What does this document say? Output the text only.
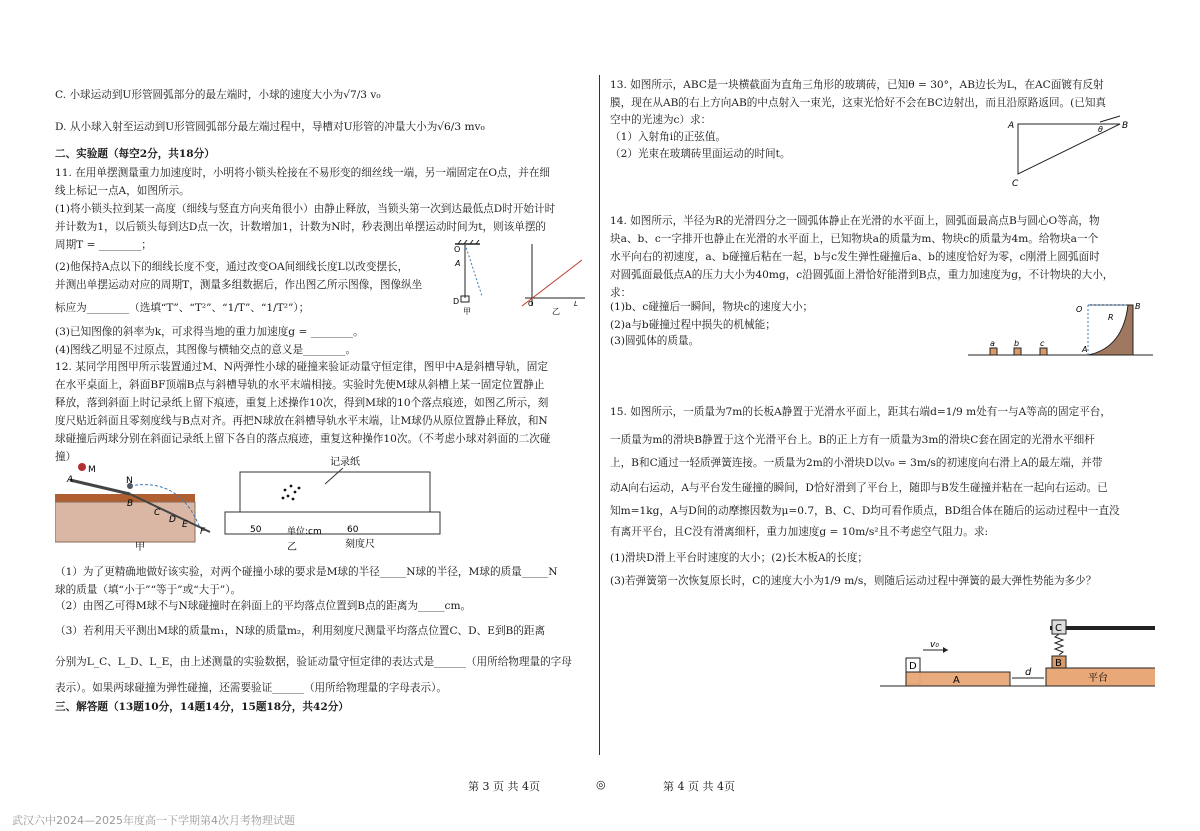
C. 小球运动到U形管圆弧部分的最左端时，小球的速度大小为√7/3 v₀

D. 从小球入射至运动到U形管圆弧部分最左端过程中，导槽对U形管的冲量大小为√6/3 mv₀

二、实验题（每空2分，共18分）

11. 在用单摆测量重力加速度时，小明将小锁头栓接在不易形变的细丝线一端，另一端固定在O点，并在细

线上标记一点A，如图所示。

(1)将小锁头拉到某一高度（细线与竖直方向夹角很小）由静止释放，当锁头第一次到达最低点D时开始计时

并计数为1，以后锁头每到达D点一次，计数增加1，计数为N时，秒表测出单摆运动时间为t，则该单摆的

周期T = ________；

(2)他保持A点以下的细线长度不变，通过改变OA间细线长度L以改变摆长，

并测出单摆运动对应的周期T，测量多组数据后，作出图乙所示图像，图像纵坐

标应为________（选填“T”、“T²”、“1/T”、“1/T²”）；

(3)已知图像的斜率为k，可求得当地的重力加速度g = ________。

(4)图线乙明显不过原点，其图像与横轴交点的意义是________。

12. 某同学用图甲所示装置通过M、N两弹性小球的碰撞来验证动量守恒定律，图甲中A是斜槽导轨，固定

在水平桌面上，斜面BF顶端B点与斜槽导轨的水平末端相接。实验时先使M球从斜槽上某一固定位置静止

释放，落到斜面上时记录纸上留下痕迹，重复上述操作10次，得到M球的10个落点痕迹，如图乙所示，刻

度尺贴近斜面且零刻度线与B点对齐。再把N球放在斜槽导轨水平末端，让M球仍从原位置静止释放，和N

球碰撞后两球分别在斜面记录纸上留下各自的落点痕迹，重复这种操作10次。（不考虑小球对斜面的二次碰

撞）

O
A
D
甲
O	L
乙
M
A	N
B
C
D E
F
甲
记录纸
50	单位:cm	60
乙	刻度尺

（1）为了更精确地做好该实验，对两个碰撞小球的要求是M球的半径_____N球的半径，M球的质量_____N

球的质量（填“小于”“等于”或“大于”）。

（2）由图乙可得M球不与N球碰撞时在斜面上的平均落点位置到B点的距离为_____cm。

（3）若利用天平测出M球的质量m₁，N球的质量m₂，利用刻度尺测量平均落点位置C、D、E到B的距离

分别为L_C、L_D、L_E，由上述测量的实验数据，验证动量守恒定律的表达式是______（用所给物理量的字母

表示）。如果两球碰撞为弹性碰撞，还需要验证______（用所给物理量的字母表示）。

三、解答题（13题10分，14题14分，15题18分，共42分）

13. 如图所示，ABC是一块横截面为直角三角形的玻璃砖，已知θ = 30°，AB边长为L，在AC面镀有反射

膜，现在从AB的右上方向AB的中点射入一束光，这束光恰好不会在BC边射出，而且沿原路返回。(已知真

空中的光速为c）求：

（1）入射角i的正弦值。

（2）光束在玻璃砖里面运动的时间t。

A	B
C
θ

14. 如图所示，半径为R的光滑四分之一圆弧体静止在光滑的水平面上，圆弧面最高点B与圆心O等高，物

块a、b、c一字排开也静止在光滑的水平面上，已知物块a的质量为m、物块c的质量为4m。给物块a一个

水平向右的初速度，a、b碰撞后粘在一起，b与c发生弹性碰撞后a、b的速度恰好为零，c刚滑上圆弧面时

对圆弧面最低点A的压力大小为40mg，c沿圆弧面上滑恰好能滑到B点，重力加速度为g，不计物块的大小，

求：

(1)b、c碰撞后一瞬间，物块c的速度大小；

(2)a与b碰撞过程中损失的机械能；

(3)圆弧体的质量。

O
R
B
A
a b	c

15. 如图所示，一质量为7m的长板A静置于光滑水平面上，距其右端d=1/9 m处有一与A等高的固定平台，

一质量为m的滑块B静置于这个光滑平台上。B的正上方有一质量为3m的滑块C套在固定的光滑水平细杆

上，B和C通过一轻质弹簧连接。一质量为2m的小滑块D以v₀ = 3m/s的初速度向右滑上A的最左端，并带

动A向右运动，A与平台发生碰撞的瞬间，D恰好滑到了平台上，随即与B发生碰撞并粘在一起向右运动。已

知m=1kg，A与D间的动摩擦因数为μ=0.7，B、C、D均可看作质点，BD组合体在随后的运动过程中一直没

有离开平台，且C没有滑离细杆，重力加速度g = 10m/s²且不考虑空气阻力。求:

(1)滑块D滑上平台时速度的大小；(2)长木板A的长度；

(3)若弹簧第一次恢复原长时，C的速度大小为1/9 m/s，则随后运动过程中弹簧的最大弹性势能为多少？

D
A
d
v₀
C
B
平台
第 3 页 共 4页	◎	第 4 页 共 4页
武汉六中2024—2025年度高一下学期第4次月考物理试题
